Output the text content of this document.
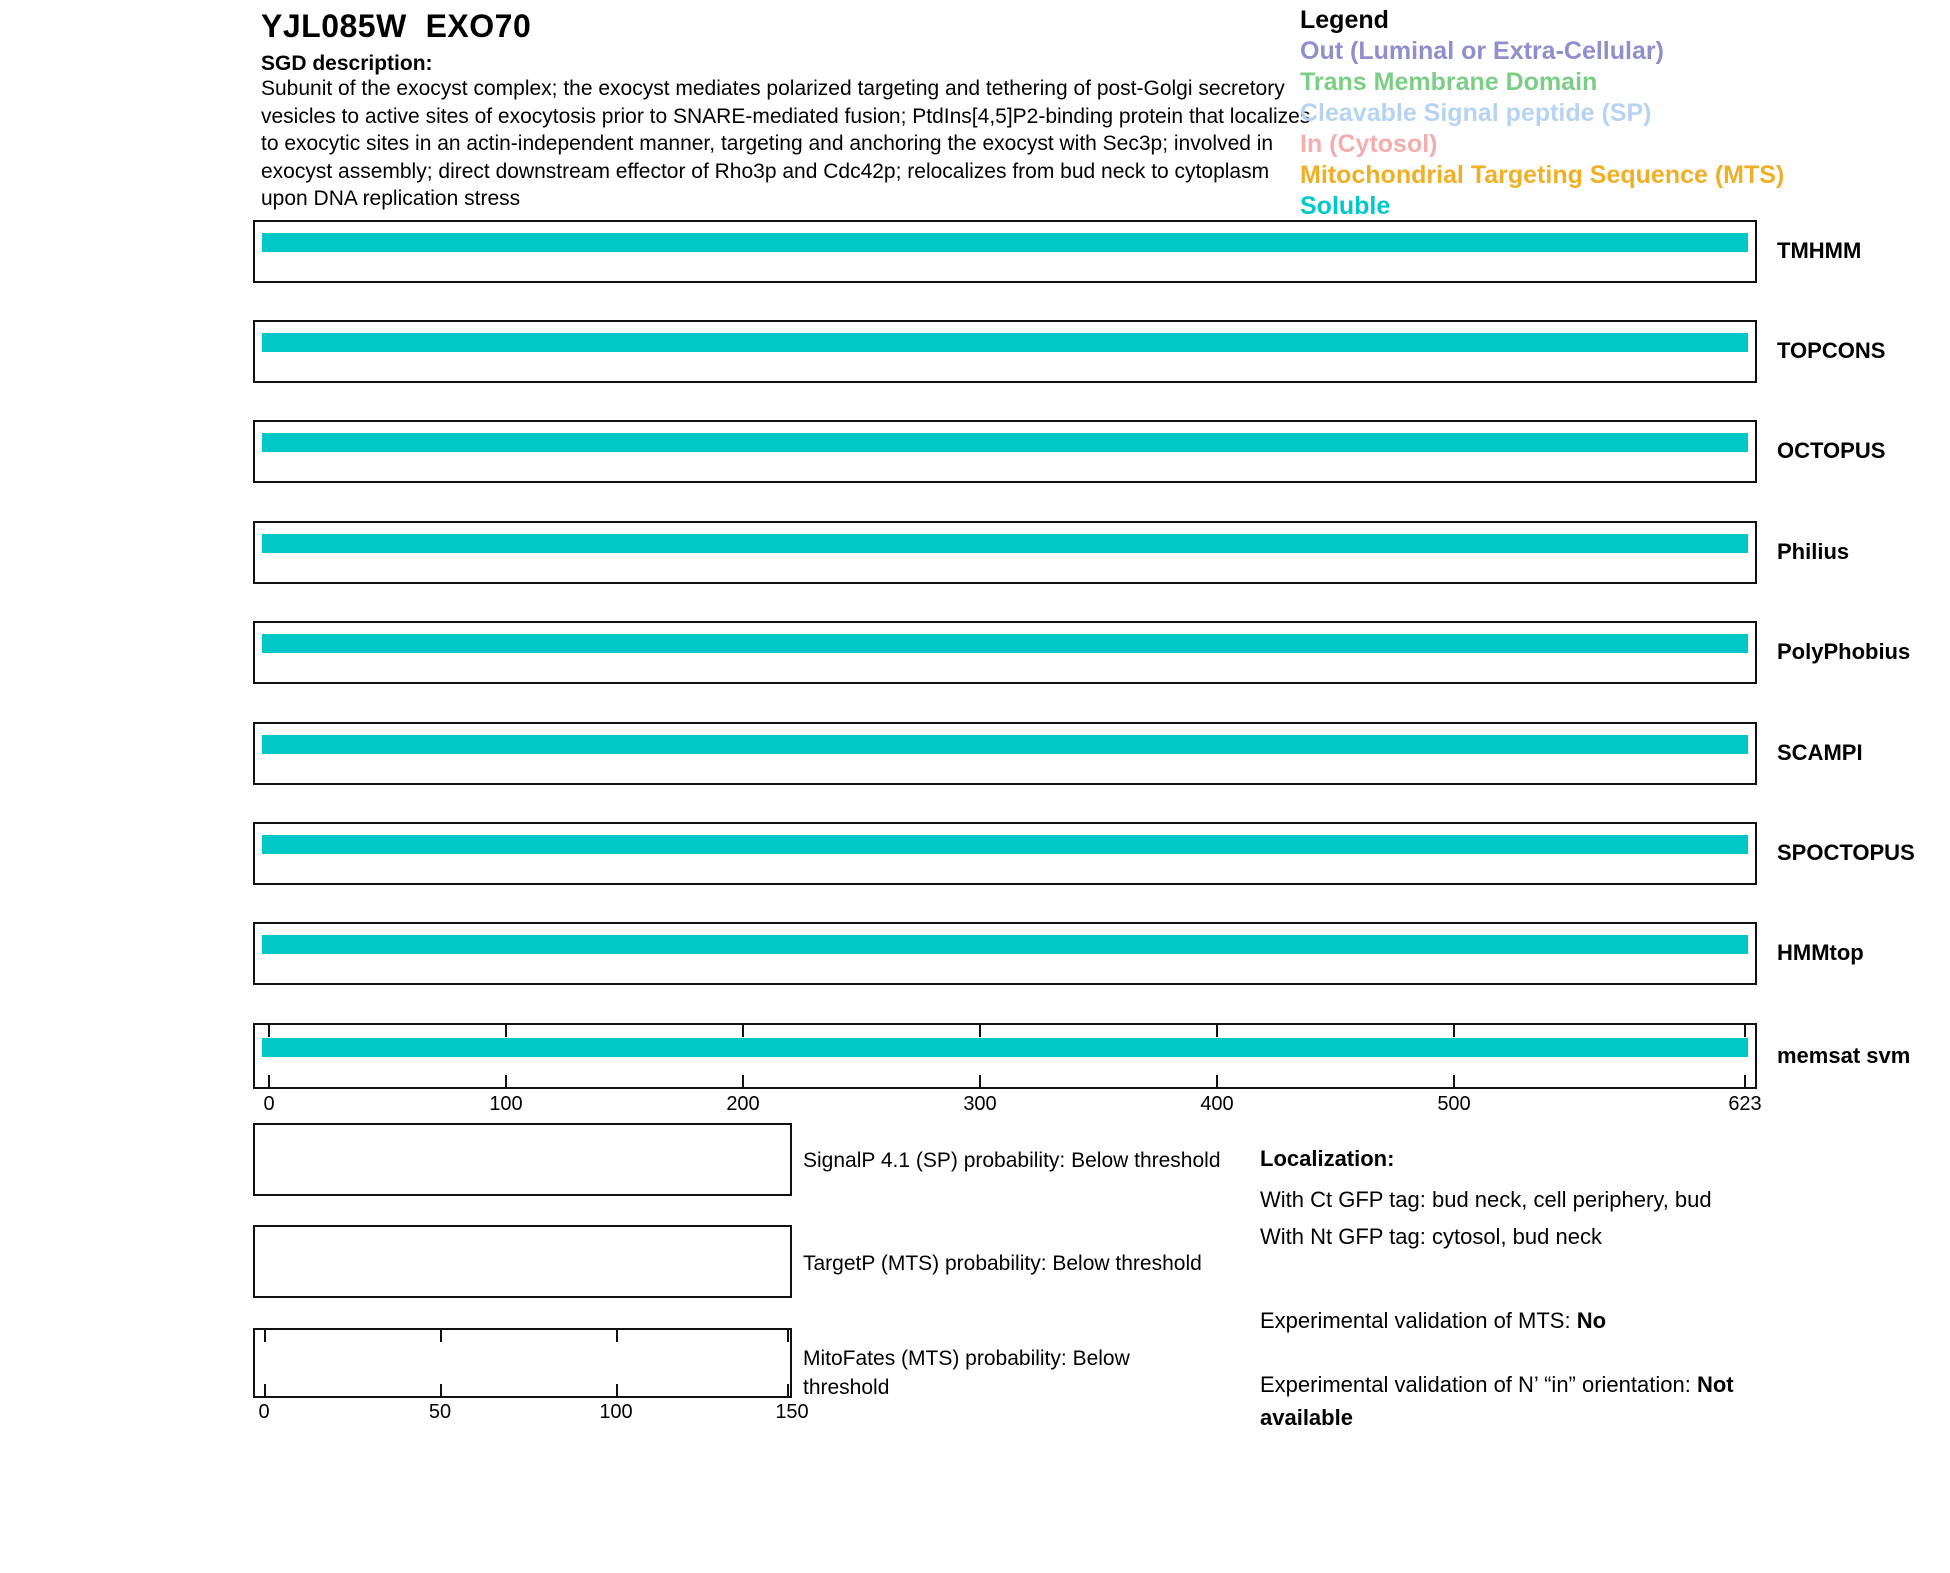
YJL085W  EXO70
SGD description:
Subunit of the exocyst complex; the exocyst mediates polarized targeting and tethering of post-Golgi secretory vesicles to active sites of exocytosis prior to SNARE-mediated fusion; PtdIns[4,5]P2-binding protein that localizes to exocytic sites in an actin-independent manner, targeting and anchoring the exocyst with Sec3p; involved in exocyst assembly; direct downstream effector of Rho3p and Cdc42p; relocalizes from bud neck to cytoplasm upon DNA replication stress
Legend
Out (Luminal or Extra-Cellular)
Trans Membrane Domain
Cleavable Signal peptide (SP)
In (Cytosol)
Mitochondrial Targeting Sequence (MTS)
Soluble
TMHMM
TOPCONS
OCTOPUS
Philius
PolyPhobius
SCAMPI
SPOCTOPUS
HMMtop
memsat svm
0	100	200	300	400	500	623
SignalP 4.1 (SP) probability: Below threshold
TargetP (MTS) probability: Below threshold
MitoFates (MTS) probability: Below threshold
0	50	100	150
Localization:
With Ct GFP tag: bud neck, cell periphery, bud
With Nt GFP tag: cytosol, bud neck
Experimental validation of MTS: No
Experimental validation of N’ “in” orientation: Not available
